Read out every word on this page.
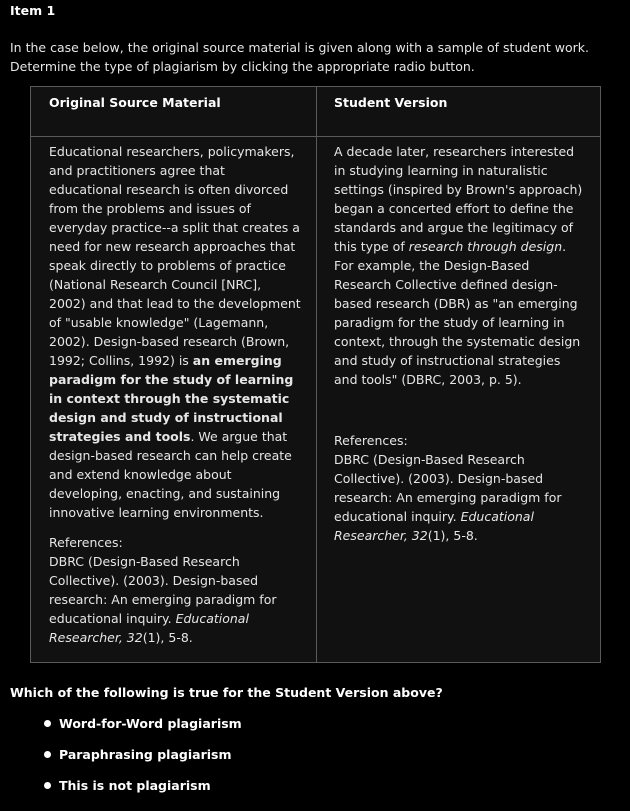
Item 1
In the case below, the original source material is given along with a sample of student work. Determine the type of plagiarism by clicking the appropriate radio button.
Original Source Material	Student Version
Educational researchers, policymakers, and practitioners agree that educational research is often divorced from the problems and issues of everyday practice--a split that creates a need for new research approaches that speak directly to problems of practice (National Research Council [NRC], 2002) and that lead to the development of "usable knowledge" (Lagemann, 2002). Design-based research (Brown, 1992; Collins, 1992) is an emerging paradigm for the study of learning in context through the systematic design and study of instructional strategies and tools. We argue that design-based research can help create and extend knowledge about developing, enacting, and sustaining innovative learning environments.
References:
DBRC (Design-Based Research Collective). (2003). Design-based research: An emerging paradigm for educational inquiry. Educational Researcher, 32(1), 5-8.
A decade later, researchers interested in studying learning in naturalistic settings (inspired by Brown's approach) began a concerted effort to define the standards and argue the legitimacy of this type of research through design. For example, the Design-Based Research Collective defined design-based research (DBR) as "an emerging paradigm for the study of learning in context, through the systematic design and study of instructional strategies and tools" (DBRC, 2003, p. 5).
References:
DBRC (Design-Based Research Collective). (2003). Design-based research: An emerging paradigm for educational inquiry. Educational Researcher, 32(1), 5-8.
Which of the following is true for the Student Version above?
Word-for-Word plagiarism
Paraphrasing plagiarism
This is not plagiarism
